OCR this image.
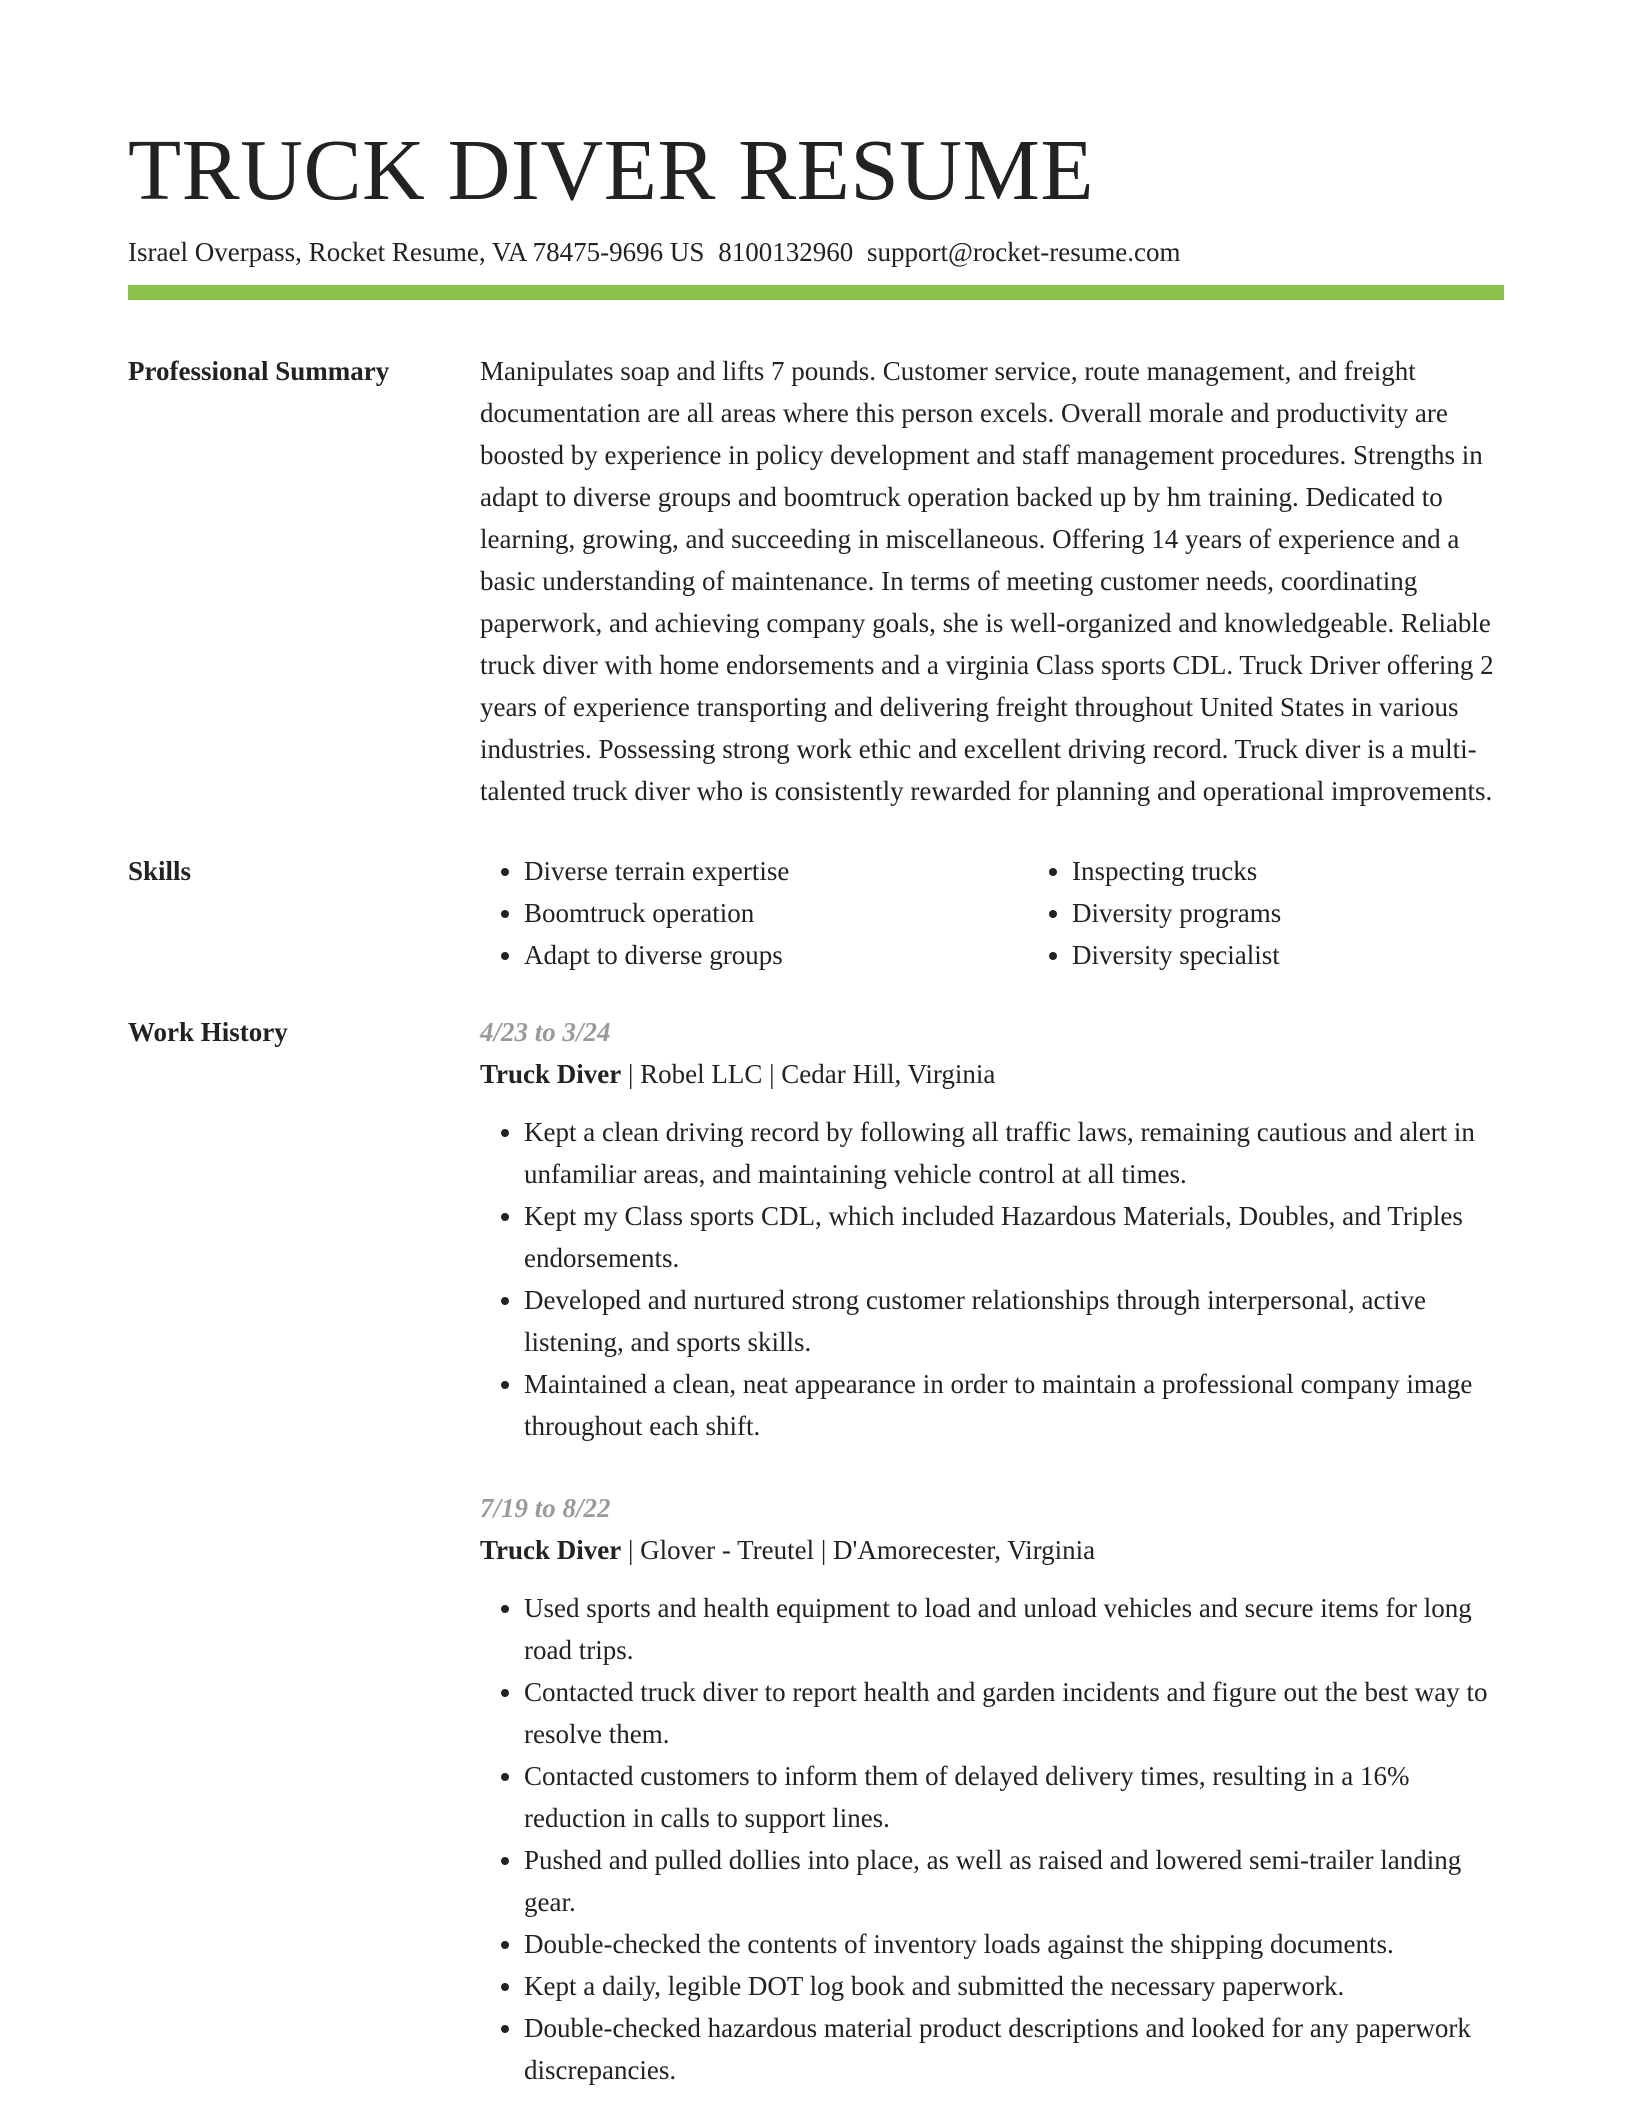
TRUCK DIVER RESUME
Israel Overpass, Rocket Resume, VA 78475-9696 US 8100132960 support@rocket-resume.com
Professional Summary	Manipulates soap and lifts 7 pounds. Customer service, route management, and freight documentation are all areas where this person excels. Overall morale and productivity are boosted by experience in policy development and staff management procedures. Strengths in adapt to diverse groups and boomtruck operation backed up by hm training. Dedicated to learning, growing, and succeeding in miscellaneous. Offering 14 years of experience and a basic understanding of maintenance. In terms of meeting customer needs, coordinating paperwork, and achieving company goals, she is well-organized and knowledgeable. Reliable truck diver with home endorsements and a virginia Class sports CDL. Truck Driver offering 2 years of experience transporting and delivering freight throughout United States in various industries. Possessing strong work ethic and excellent driving record. Truck diver is a multi-talented truck diver who is consistently rewarded for planning and operational improvements.
Skills
•	Diverse terrain expertise
• Boomtruck operation
• Adapt to diverse groups
• Inspecting trucks
• Diversity programs
• Diversity specialist
Work History	4/23 to 3/24
Truck Diver | Robel LLC | Cedar Hill, Virginia
• Kept a clean driving record by following all traffic laws, remaining cautious and alert in unfamiliar areas, and maintaining vehicle control at all times.
• Kept my Class sports CDL, which included Hazardous Materials, Doubles, and Triples endorsements.
• Developed and nurtured strong customer relationships through interpersonal, active listening, and sports skills.
• Maintained a clean, neat appearance in order to maintain a professional company image throughout each shift.
7/19 to 8/22
Truck Diver | Glover - Treutel | D'Amorecester, Virginia
• Used sports and health equipment to load and unload vehicles and secure items for long road trips.
• Contacted truck diver to report health and garden incidents and figure out the best way to resolve them.
• Contacted customers to inform them of delayed delivery times, resulting in a 16% reduction in calls to support lines.
• Pushed and pulled dollies into place, as well as raised and lowered semi-trailer landing gear.
• Double-checked the contents of inventory loads against the shipping documents.
• Kept a daily, legible DOT log book and submitted the necessary paperwork.
• Double-checked hazardous material product descriptions and looked for any paperwork discrepancies.
